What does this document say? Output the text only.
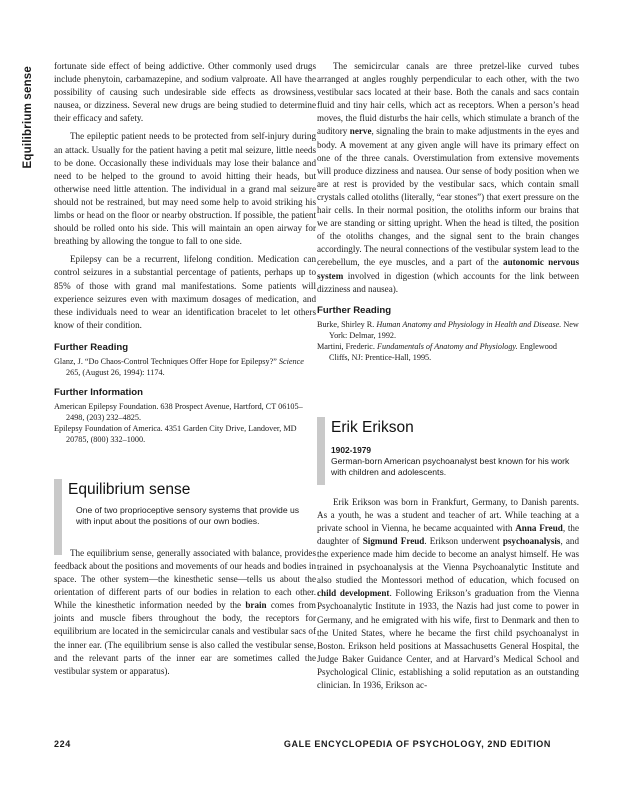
Equilibrium sense fortunate side effect of being addictive. Other commonly used drugs include phenytoin, carbamazepine, and sodium valproate. All have the possibility of causing such undesirable side effects as drowsiness, nausea, or dizziness. Several new drugs are being studied to determine their efficacy and safety.

The epileptic patient needs to be protected from self-injury during an attack. Usually for the patient having a petit mal seizure, little needs to be done. Occasionally these individuals may lose their balance and need to be helped to the ground to avoid hitting their heads, but otherwise need little attention. The individual in a grand mal seizure should not be restrained, but may need some help to avoid striking his limbs or head on the floor or nearby obstruction. If possible, the patient should be rolled onto his side. This will maintain an open airway for breathing by allowing the tongue to fall to one side.

Epilepsy can be a recurrent, lifelong condition. Medication can control seizures in a substantial percentage of patients, perhaps up to 85% of those with grand mal manifestations. Some patients will experience seizures even with maximum dosages of medication, and these individuals need to wear an identification bracelet to let others know of their condition.

Further Reading
Glanz, J. “Do Chaos-Control Techniques Offer Hope for Epilepsy?” Science 265, (August 26, 1994): 1174.
Further Information
American Epilepsy Foundation. 638 Prospect Avenue, Hartford, CT 06105–2498, (203) 232–4825.
Epilepsy Foundation of America. 4351 Garden City Drive, Landover, MD 20785, (800) 332–1000.
Equilibrium sense
One of two proprioceptive sensory systems that provide us with input about the positions of our own bodies.

The equilibrium sense, generally associated with balance, provides feedback about the positions and movements of our heads and bodies in space. The other system—the kinesthetic sense—tells us about the orientation of different parts of our bodies in relation to each other. While the kinesthetic information needed by the brain comes from joints and muscle fibers throughout the body, the receptors for equilibrium are located in the semicircular canals and vestibular sacs of the inner ear. (The equilibrium sense is also called the vestibular sense, and the relevant parts of the inner ear are sometimes called the vestibular system or apparatus).

The semicircular canals are three pretzel-like curved tubes arranged at angles roughly perpendicular to each other, with the two vestibular sacs located at their base. Both the canals and sacs contain fluid and tiny hair cells, which act as receptors. When a person’s head moves, the fluid disturbs the hair cells, which stimulate a branch of the auditory nerve, signaling the brain to make adjustments in the eyes and body. A movement at any given angle will have its primary effect on one of the three canals. Overstimulation from extensive movements will produce dizziness and nausea. Our sense of body position when we are at rest is provided by the vestibular sacs, which contain small crystals called otoliths (literally, “ear stones”) that exert pressure on the hair cells. In their normal position, the otoliths inform our brains that we are standing or sitting upright. When the head is tilted, the position of the otoliths changes, and the signal sent to the brain changes accordingly. The neural connections of the vestibular system lead to the cerebellum, the eye muscles, and a part of the autonomic nervous system involved in digestion (which accounts for the link between dizziness and nausea).

Further Reading
Burke, Shirley R. Human Anatomy and Physiology in Health and Disease. New York: Delmar, 1992.
Martini, Frederic. Fundamentals of Anatomy and Physiology. Englewood Cliffs, NJ: Prentice-Hall, 1995.
Erik Erikson
1902-1979
German-born American psychoanalyst best known for his work with children and adolescents.

Erik Erikson was born in Frankfurt, Germany, to Danish parents. As a youth, he was a student and teacher of art. While teaching at a private school in Vienna, he became acquainted with Anna Freud, the daughter of Sigmund Freud. Erikson underwent psychoanalysis, and the experience made him decide to become an analyst himself. He was trained in psychoanalysis at the Vienna Psychoanalytic Institute and also studied the Montessori method of education, which focused on child development. Following Erikson’s graduation from the Vienna Psychoanalytic Institute in 1933, the Nazis had just come to power in Germany, and he emigrated with his wife, first to Denmark and then to the United States, where he became the first child psychoanalyst in Boston. Erikson held positions at Massachusetts General Hospital, the Judge Baker Guidance Center, and at Harvard’s Medical School and Psychological Clinic, establishing a solid reputation as an outstanding clinician. In 1936, Erikson ac-

224	GALE ENCYCLOPEDIA OF PSYCHOLOGY, 2ND EDITION
